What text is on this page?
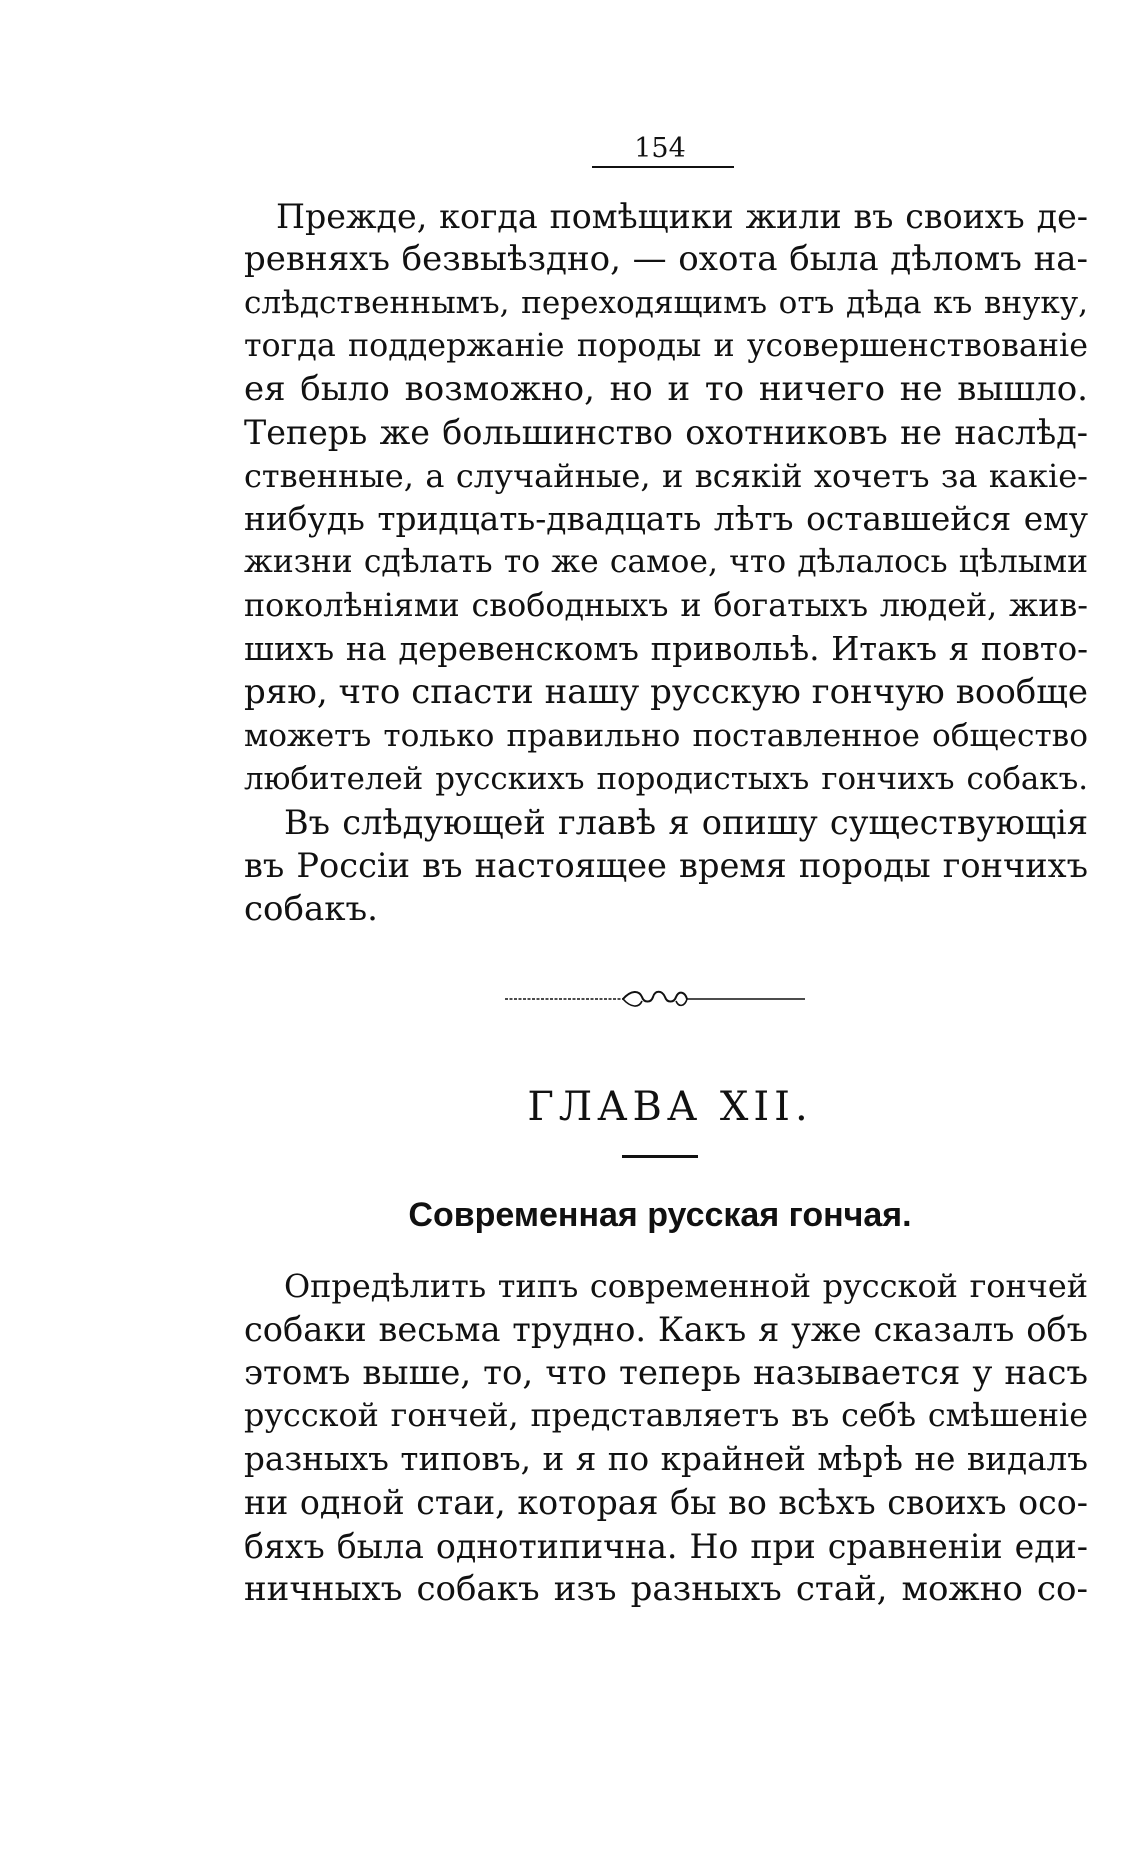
154
Прежде, когда помѣщики жили въ своихъ де-
ревняхъ безвыѣздно, — охота была дѣломъ на-
слѣдственнымъ, переходящимъ отъ дѣда къ внуку,
тогда поддержаніе породы и усовершенствованіе
ея было возможно, но и то ничего не вышло.
Теперь же большинство охотниковъ не наслѣд-
ственные, а случайные, и всякій хочетъ за какіе-
нибудь тридцать-двадцать лѣтъ оставшейся ему
жизни сдѣлать то же самое, что дѣлалось цѣлыми
поколѣніями свободныхъ и богатыхъ людей, жив-
шихъ на деревенскомъ привольѣ. Итакъ я повто-
ряю, что спасти нашу русскую гончую вообще
можетъ только правильно поставленное общество
любителей русскихъ породистыхъ гончихъ собакъ.
Въ слѣдующей главѣ я опишу существующія
въ Россіи въ настоящее время породы гончихъ
собакъ.
ГЛАВА XII.
Современная русская гончая.
Опредѣлить типъ современной русской гончей
собаки весьма трудно. Какъ я уже сказалъ объ
этомъ выше, то, что теперь называется у насъ
русской гончей, представляетъ въ себѣ смѣшеніе
разныхъ типовъ, и я по крайней мѣрѣ не видалъ
ни одной стаи, которая бы во всѣхъ своихъ осо-
бяхъ была однотипична. Но при сравненіи еди-
ничныхъ собакъ изъ разныхъ стай, можно со-
